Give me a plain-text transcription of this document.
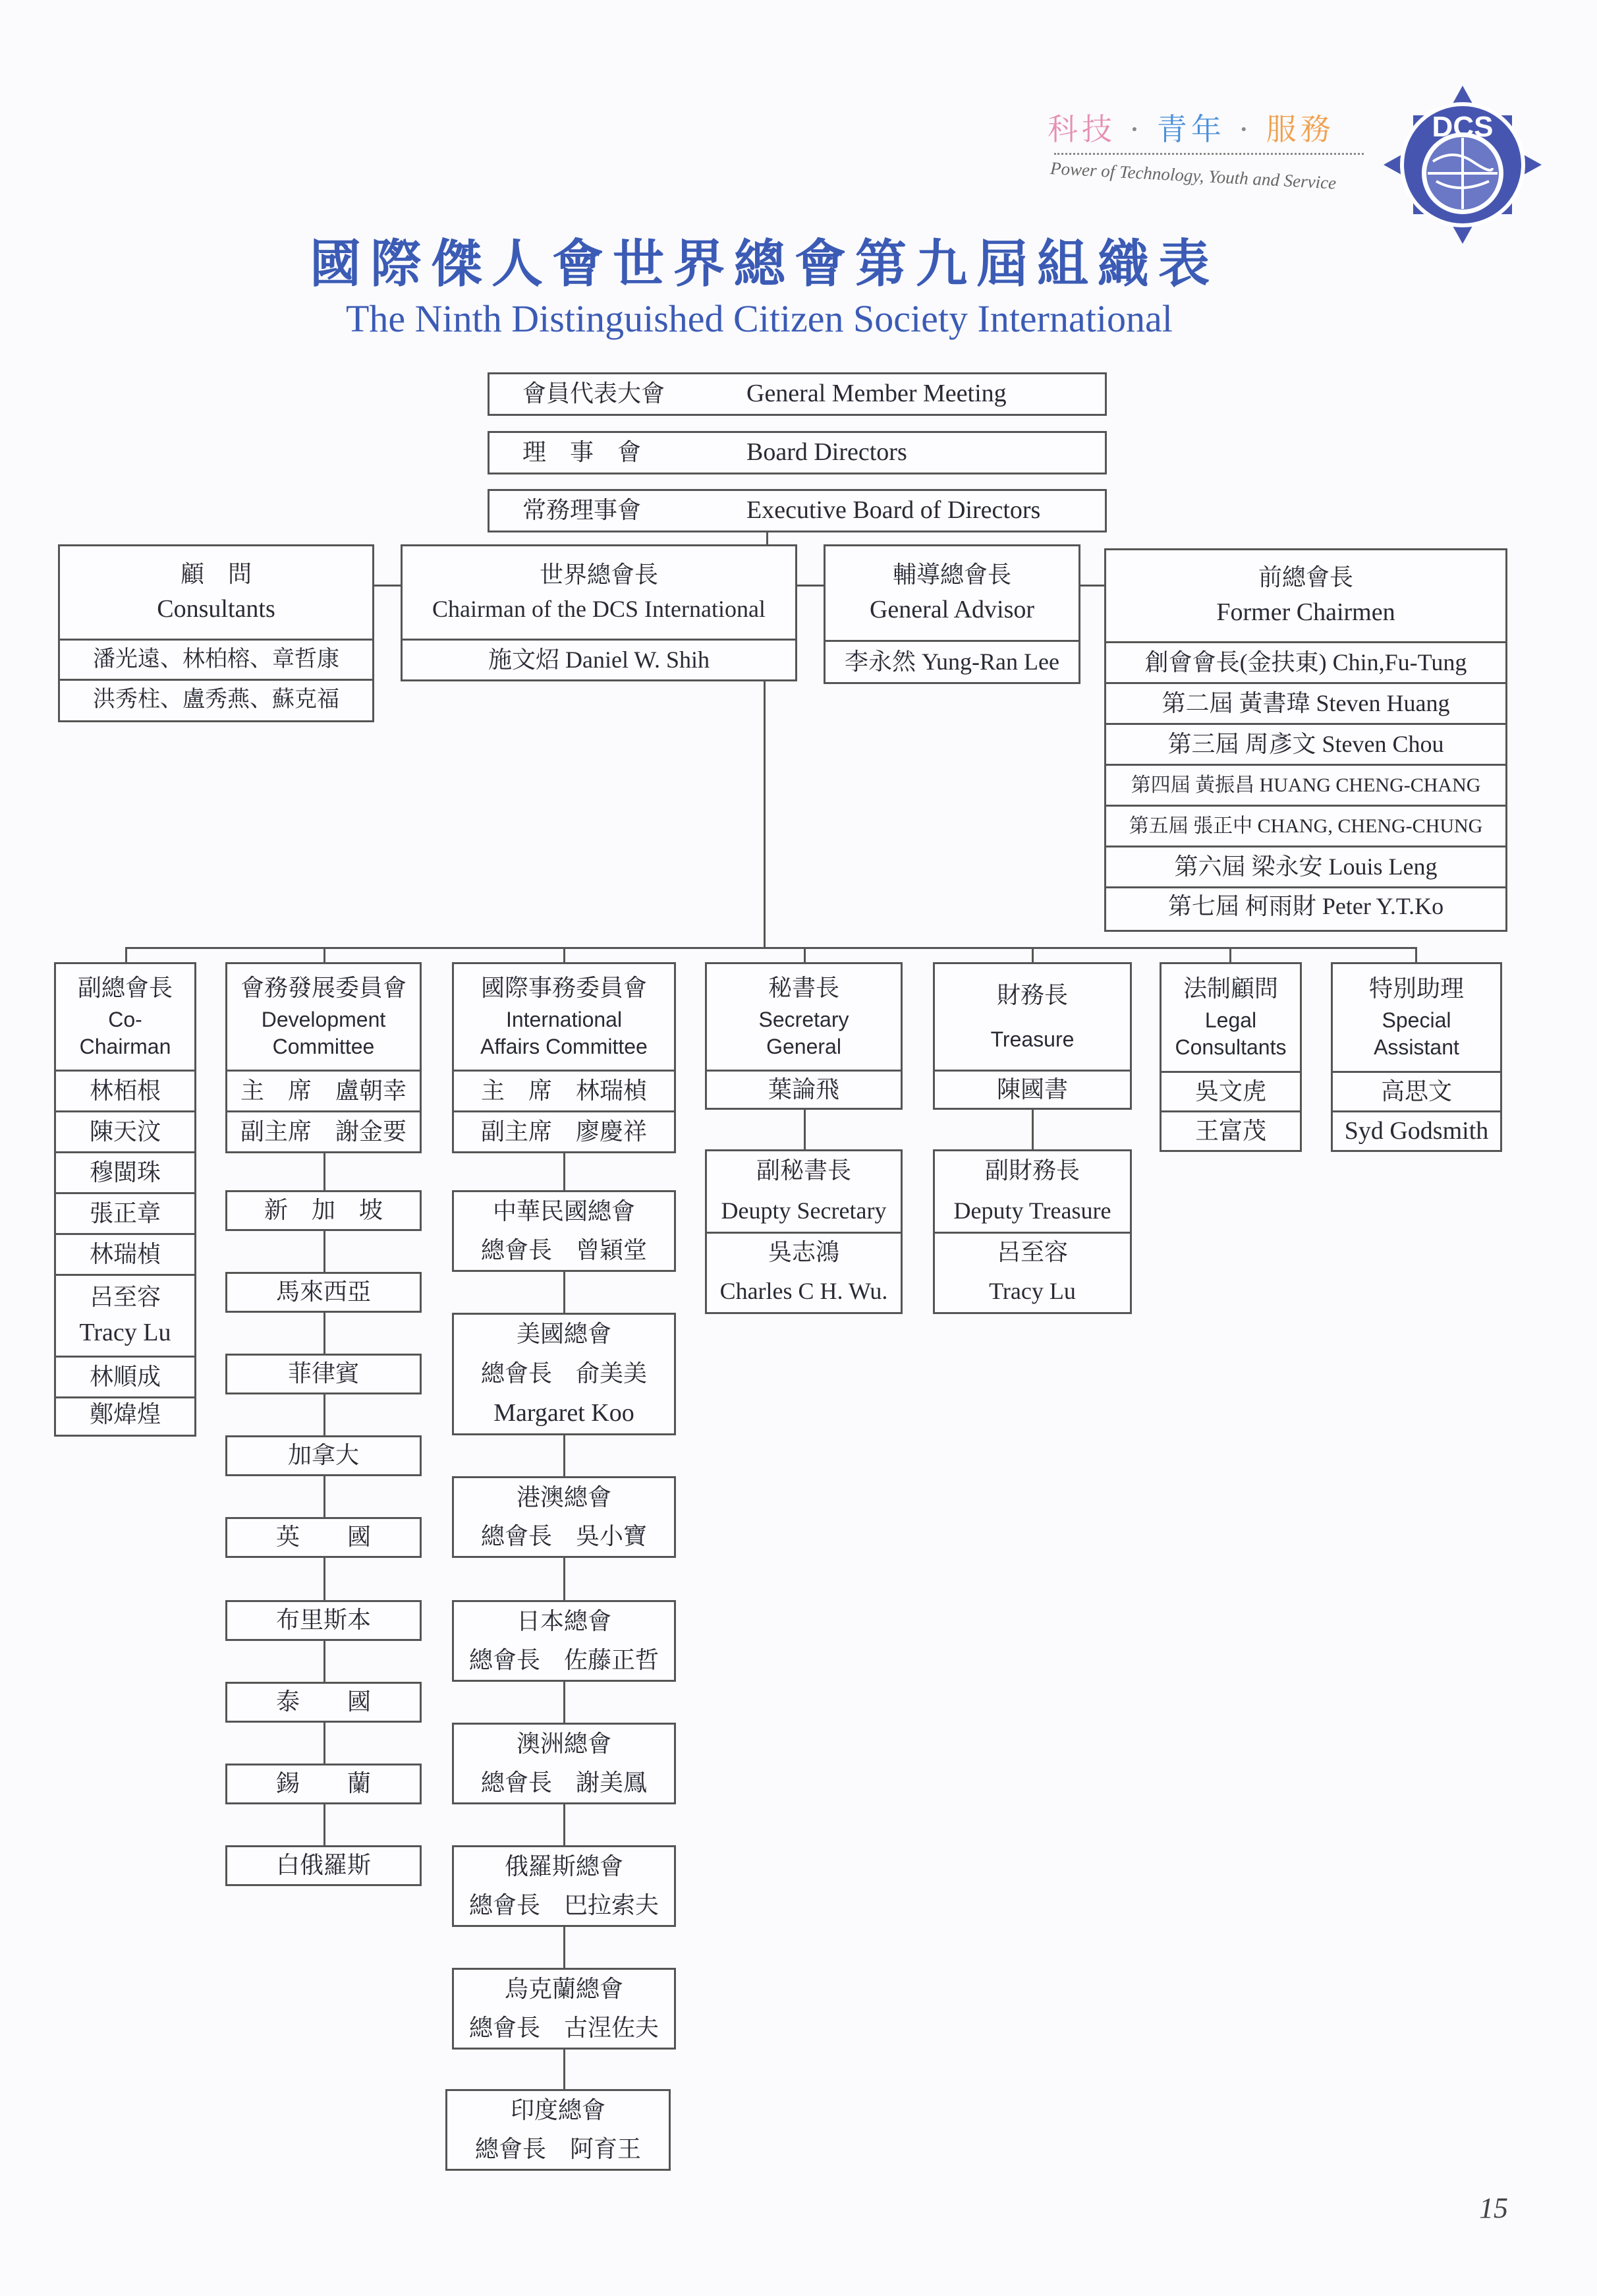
科技 · 青年 · 服務
Power of Technology, Youth and Service
DCS
國際傑人會世界總會第九屆組織表
The Ninth Distinguished Citizen Society International
會員代表大會	General Member Meeting
理　事　會	Board Directors
常務理事會	Executive Board of Directors
顧　問
Consultants
潘光遠、林柏榕、章哲康
洪秀柱、盧秀燕、蘇克福
世界總會長
Chairman of the DCS International
施文炤 Daniel W. Shih
輔導總會長
General Advisor
李永然 Yung-Ran Lee
前總會長
Former Chairmen
創會會長(金扶東) Chin,Fu-Tung
第二屆 黃書瑋 Steven Huang
第三屆 周彥文 Steven Chou
第四屆 黃振昌 HUANG CHENG-CHANG
第五屆 張正中 CHANG, CHENG-CHUNG
第六屆 梁永安 Louis Leng
第七屆 柯雨財 Peter Y.T.Ko
副總會長
Co-
Chairman
林栢根
陳天汶
穆閩珠
張正章
林瑞楨
呂至容
Tracy Lu
林順成
鄭煒煌
會務發展委員會
Development
Committee
主　席　盧朝幸
副主席　謝金要
新　加　坡
馬來西亞
菲律賓
加拿大
英　　國
布里斯本
泰　　國
錫　　蘭
白俄羅斯
國際事務委員會
International
Affairs Committee
主　席　林瑞楨
副主席　廖慶祥
中華民國總會
總會長　曾穎堂
美國總會
總會長　俞美美
Margaret Koo
港澳總會
總會長　吳小寶
日本總會
總會長　佐藤正哲
澳洲總會
總會長　謝美鳳
俄羅斯總會
總會長　巴拉索夫
烏克蘭總會
總會長　古涅佐夫
印度總會
總會長　阿育王
秘書長
Secretary
General
葉論飛
副秘書長
Deupty Secretary
吳志鴻
Charles C H. Wu.
財務長
Treasure
陳國書
副財務長
Deputy Treasure
呂至容
Tracy Lu
法制顧問
Legal
Consultants
吳文虎
王富茂
特別助理
Special
Assistant
高思文
Syd Godsmith
15
